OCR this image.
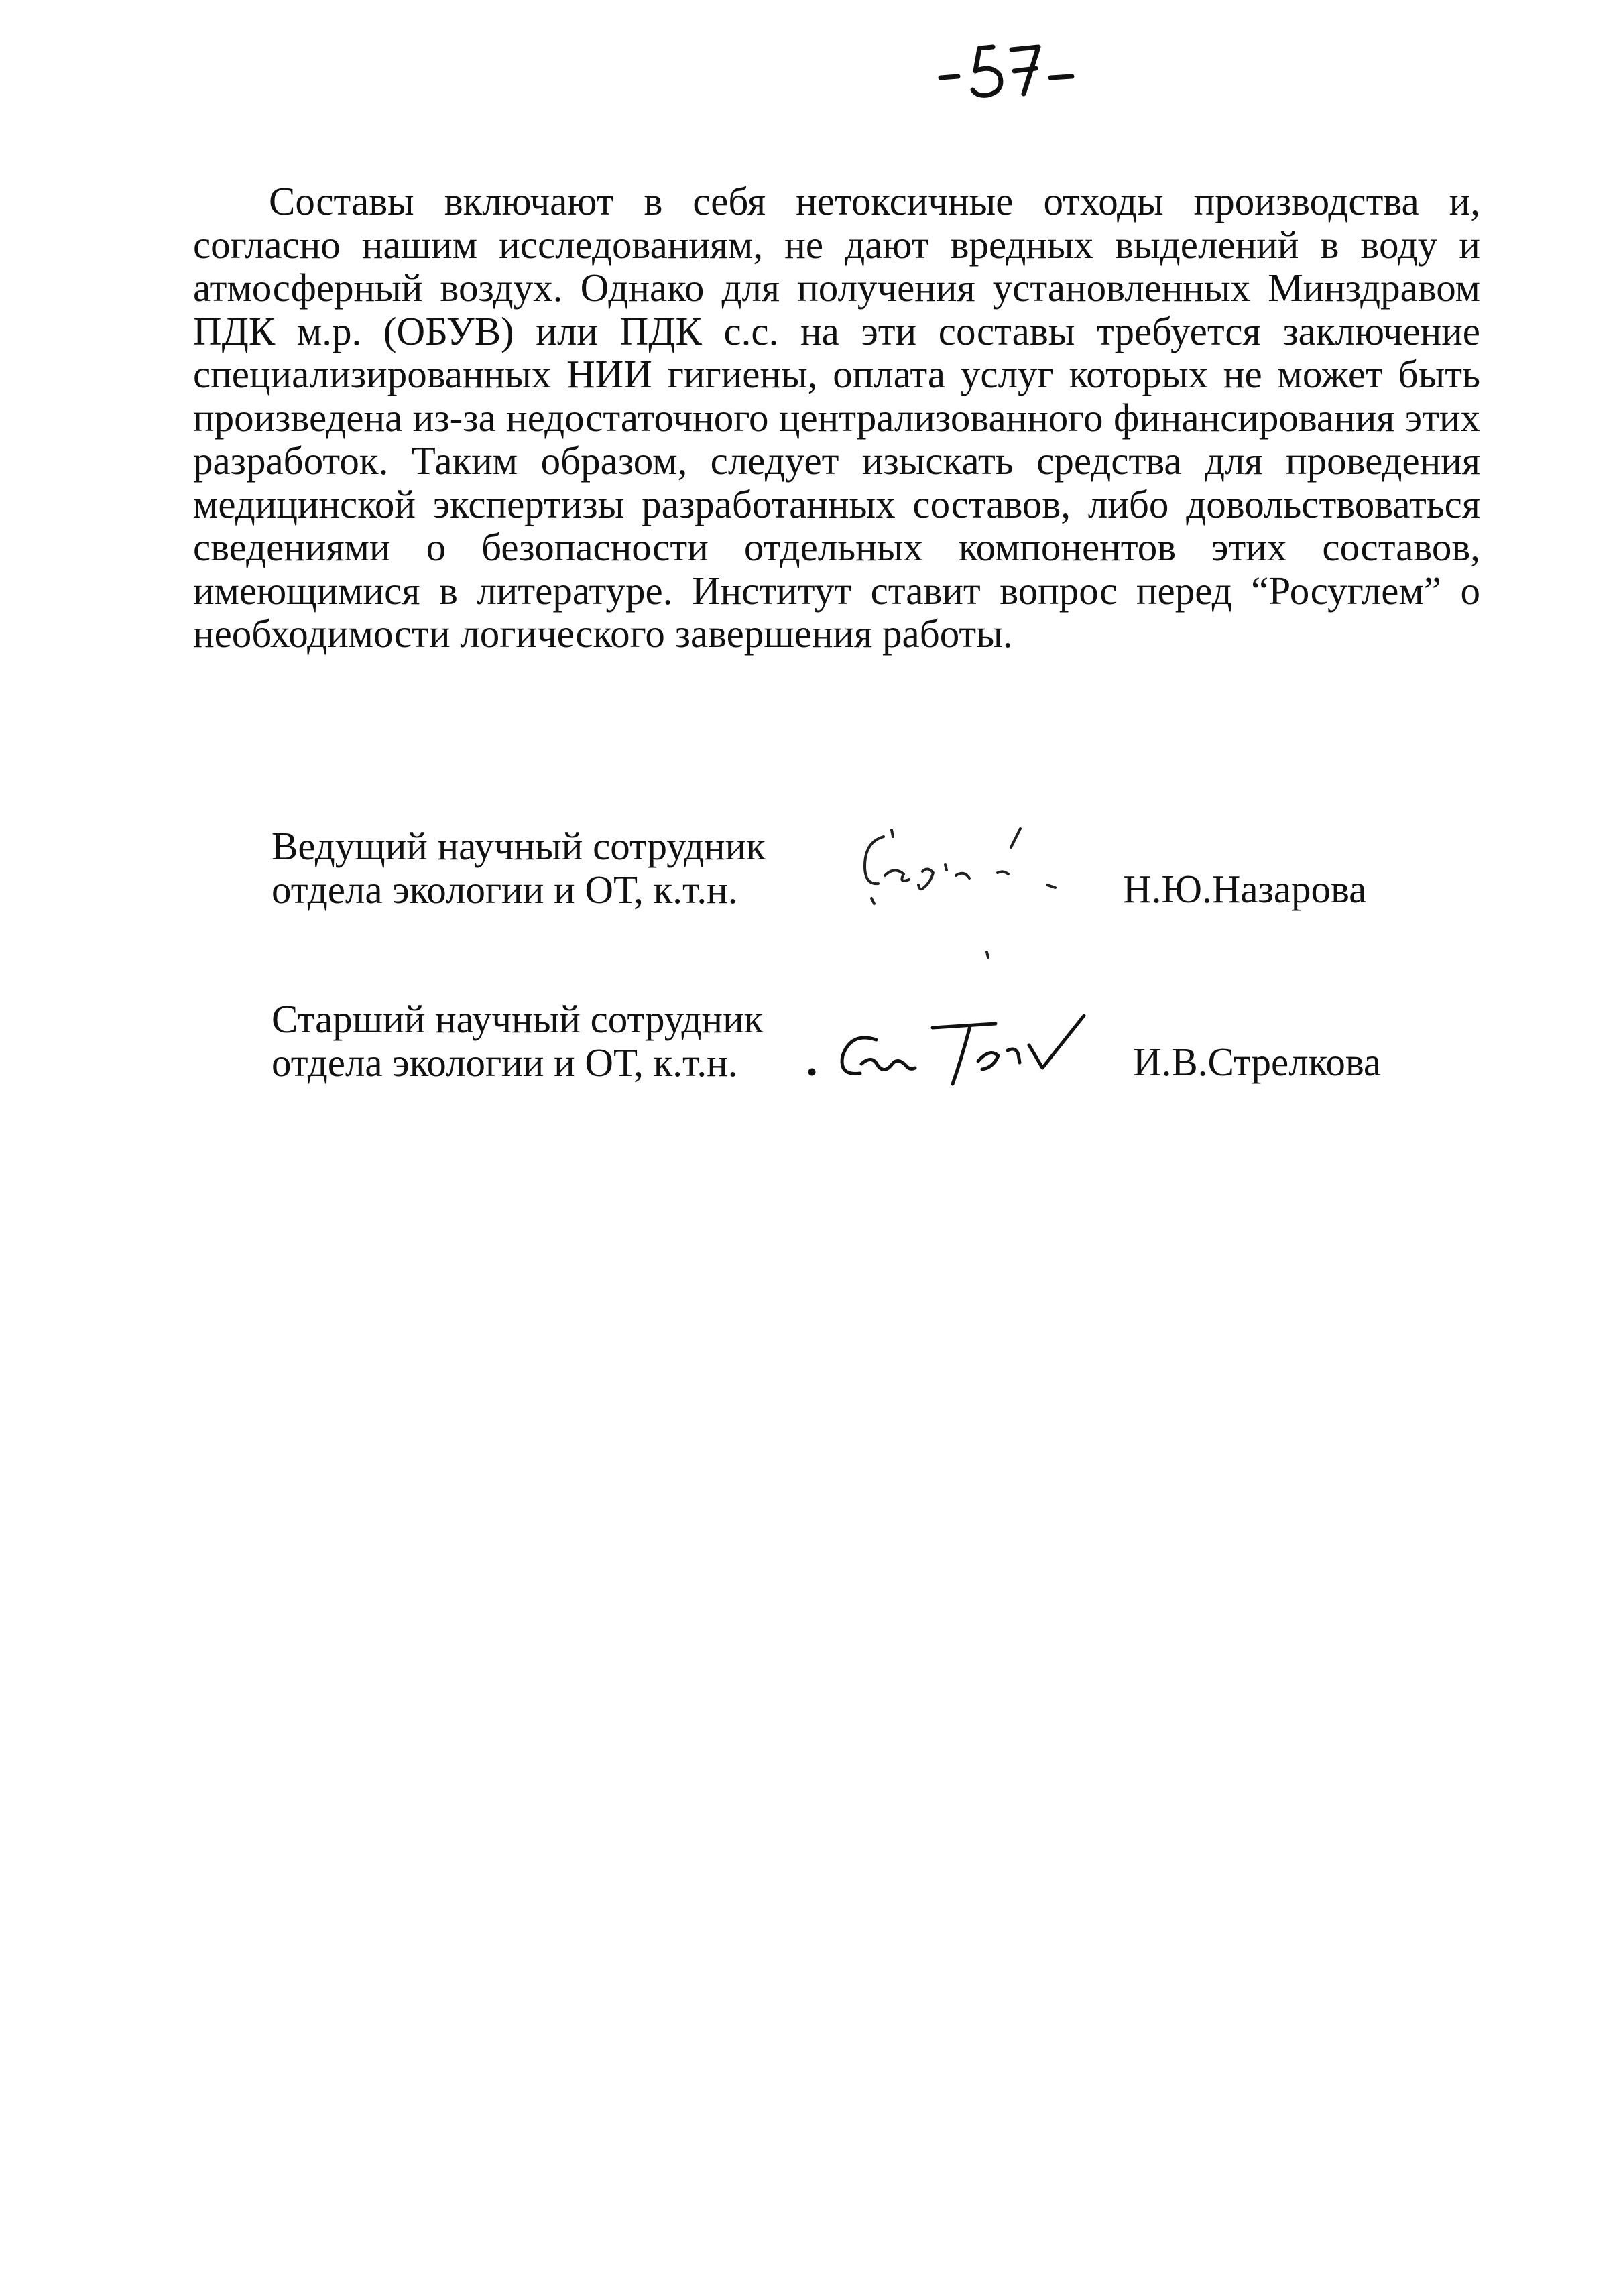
Составы включают в себя нетоксичные отходы производства и, согласно нашим исследованиям, не дают вредных выделений в воду и атмосферный воздух. Однако для получения установленных Минздравом ПДК м.р. (ОБУВ) или ПДК с.с. на эти составы требуется заключение специализированных НИИ гигиены, оплата услуг которых не может быть произведена из-за недостаточного централизованного финансирования этих разработок. Таким образом, следует изыскать средства для проведения медицинской экспертизы разработанных составов, либо довольствоваться сведениями о безопасности отдельных компонентов этих составов, имеющимися в литературе. Институт ставит вопрос перед “Росуглем” о необходимости логического завершения работы.

Ведущий научный сотрудник
отдела экологии и ОТ, к.т.н.	Н.Ю.Назарова
Старший научный сотрудник
отдела экологии и ОТ, к.т.н.	И.В.Стрелкова
